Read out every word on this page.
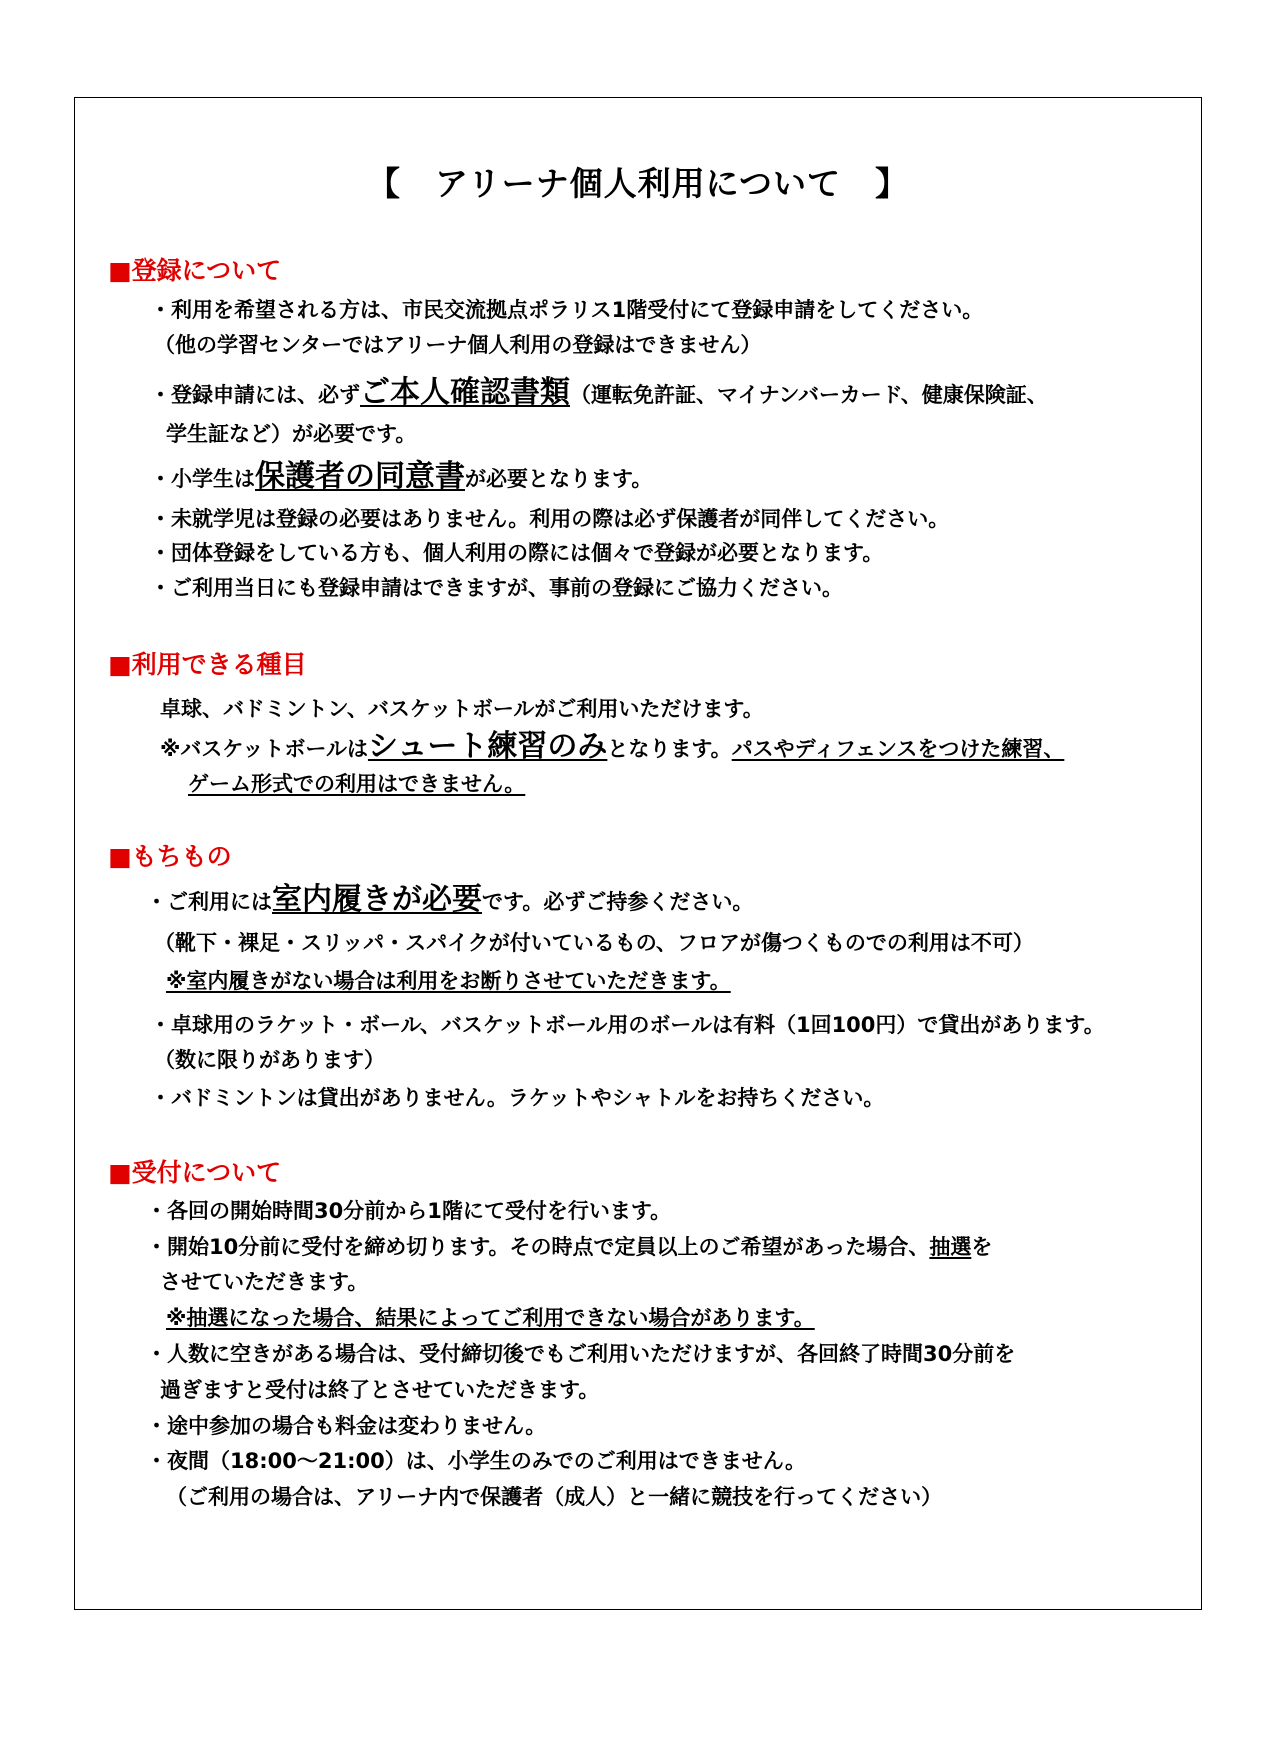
【　アリーナ個人利用について　】
■登録について
・利用を希望される方は、市民交流拠点ポラリス1階受付にて登録申請をしてください。
（他の学習センターではアリーナ個人利用の登録はできません）
・登録申請には、必ずご本人確認書類（運転免許証、マイナンバーカード、健康保険証、
学生証など）が必要です。
・小学生は保護者の同意書が必要となります。
・未就学児は登録の必要はありません。利用の際は必ず保護者が同伴してください。
・団体登録をしている方も、個人利用の際には個々で登録が必要となります。
・ご利用当日にも登録申請はできますが、事前の登録にご協力ください。
■利用できる種目
卓球、バドミントン、バスケットボールがご利用いただけます。
※バスケットボールはシュート練習のみとなります。パスやディフェンスをつけた練習、
ゲーム形式での利用はできません。
■もちもの
・ご利用には室内履きが必要です。必ずご持参ください。
（靴下・裸足・スリッパ・スパイクが付いているもの、フロアが傷つくものでの利用は不可）
※室内履きがない場合は利用をお断りさせていただきます。
・卓球用のラケット・ボール、バスケットボール用のボールは有料（1回100円）で貸出があります。
（数に限りがあります）
・バドミントンは貸出がありません。ラケットやシャトルをお持ちください。
■受付について
・各回の開始時間30分前から1階にて受付を行います。
・開始10分前に受付を締め切ります。その時点で定員以上のご希望があった場合、抽選を
させていただきます。
※抽選になった場合、結果によってご利用できない場合があります。
・人数に空きがある場合は、受付締切後でもご利用いただけますが、各回終了時間30分前を
過ぎますと受付は終了とさせていただきます。
・途中参加の場合も料金は変わりません。
・夜間（18:00～21:00）は、小学生のみでのご利用はできません。
（ご利用の場合は、アリーナ内で保護者（成人）と一緒に競技を行ってください）
